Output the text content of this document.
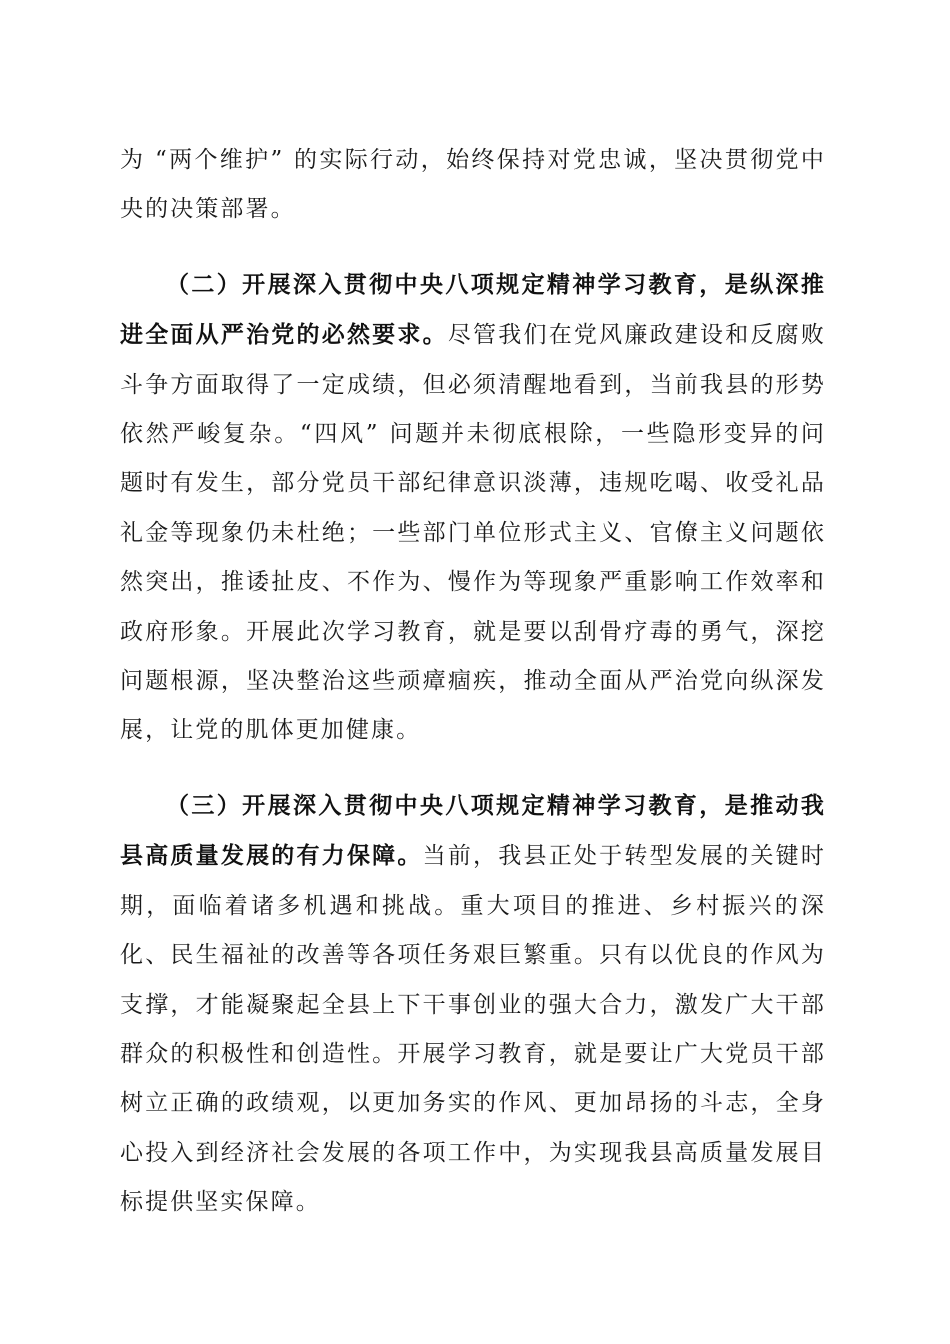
为 “两个维护” 的实际行动，始终保持对党忠诚，坚决贯彻党中央的决策部署。

（二）开展深入贯彻中央八项规定精神学习教育，是纵深推进全面从严治党的必然要求。尽管我们在党风廉政建设和反腐败斗争方面取得了一定成绩，但必须清醒地看到，当前我县的形势依然严峻复杂。“四风” 问题并未彻底根除，一些隐形变异的问题时有发生，部分党员干部纪律意识淡薄，违规吃喝、收受礼品礼金等现象仍未杜绝；一些部门单位形式主义、官僚主义问题依然突出，推诿扯皮、不作为、慢作为等现象严重影响工作效率和政府形象。开展此次学习教育，就是要以刮骨疗毒的勇气，深挖问题根源，坚决整治这些顽瘴痼疾，推动全面从严治党向纵深发展，让党的肌体更加健康。

（三）开展深入贯彻中央八项规定精神学习教育，是推动我县高质量发展的有力保障。当前，我县正处于转型发展的关键时期，面临着诸多机遇和挑战。重大项目的推进、乡村振兴的深化、民生福祉的改善等各项任务艰巨繁重。只有以优良的作风为支撑，才能凝聚起全县上下干事创业的强大合力，激发广大干部群众的积极性和创造性。开展学习教育，就是要让广大党员干部树立正确的政绩观，以更加务实的作风、更加昂扬的斗志，全身心投入到经济社会发展的各项工作中，为实现我县高质量发展目标提供坚实保障。
